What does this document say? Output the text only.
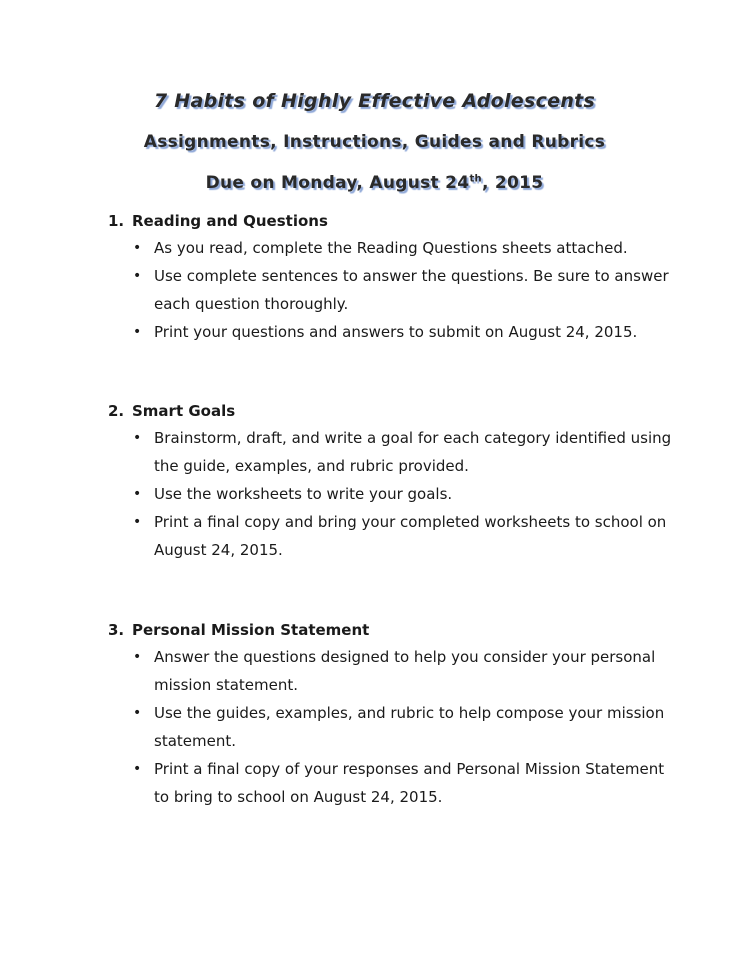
7 Habits of Highly Effective Adolescents
Assignments, Instructions, Guides and Rubrics
Due on Monday, August 24th, 2015
1. Reading and Questions
• As you read, complete the Reading Questions sheets attached.
• Use complete sentences to answer the questions. Be sure to answer each question thoroughly.
• Print your questions and answers to submit on August 24, 2015.
2. Smart Goals
• Brainstorm, draft, and write a goal for each category identified using the guide, examples, and rubric provided.
• Use the worksheets to write your goals.
• Print a final copy and bring your completed worksheets to school on August 24, 2015.
3. Personal Mission Statement
• Answer the questions designed to help you consider your personal mission statement.
• Use the guides, examples, and rubric to help compose your mission statement.
• Print a final copy of your responses and Personal Mission Statement to bring to school on August 24, 2015.
